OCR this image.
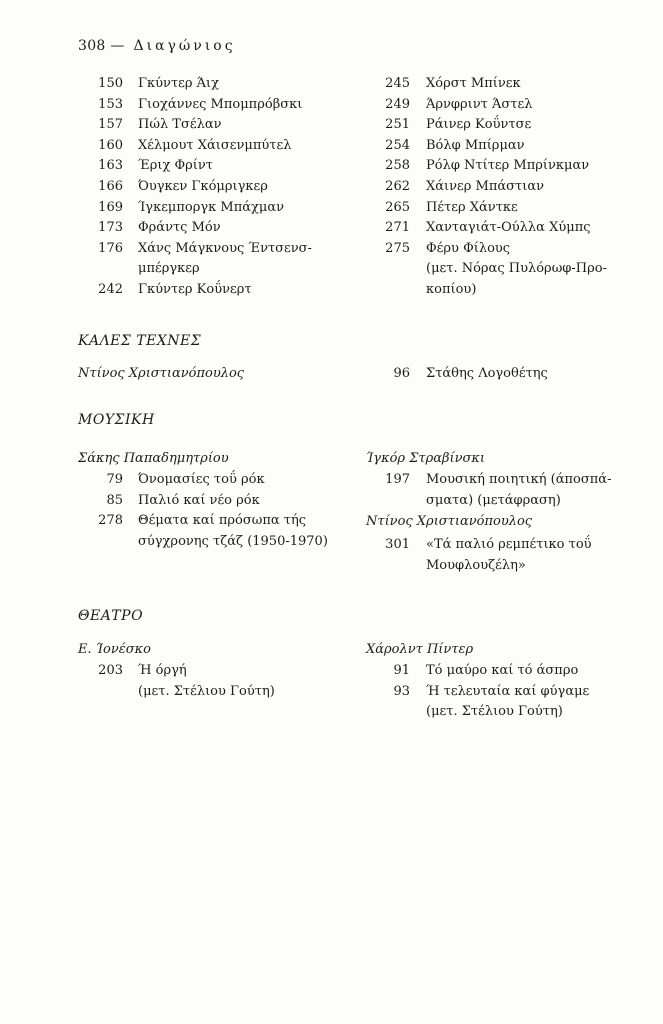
308 — Διαγώνιος
150 Γκύντερ Άιχ
153 Γιοχάννες Μπομπρόβσκι
157 Πώλ Τσέλαν
160 Χέλμουτ Χάισενμπύτελ
163 Έριχ Φρίντ
166 Όυγκεν Γκόμριγκερ
169 Ίγκεμποργκ Μπάχμαν
173 Φράντς Μόν
176 Χάνς Μάγκνους Έντσενσ-
μπέργκερ
242 Γκύντερ Κοΰνερτ
245 Χόρστ Μπίνεκ
249 Άρνφριντ Άστελ
251 Ράινερ Κοΰντσε
254 Βόλφ Μπίρμαν
258 Ρόλφ Ντίτερ Μπρίνκμαν
262 Χάινερ Μπάστιαν
265 Πέτερ Χάντκε
271 Χανταγιάτ-Ούλλα Χύμπς
275 Φέρυ Φίλους
(μετ. Νόρας Πυλόρωφ-Προ-
κοπίου)
ΚΑΛΕΣ ΤΕΧΝΕΣ
Ντίνος Χριστιανόπουλος	96 Στάθης Λογοθέτης
ΜΟΥΣΙΚΗ
Σάκης Παπαδημητρίου
79 Όνομασίες τοΰ ρόκ
85 Παλιό καί νέο ρόκ
278 Θέματα καί πρόσωπα τής
σύγχρονης τζάζ (1950-1970)
Ίγκόρ Στραβίνσκι
197 Μουσική ποιητική (άποσπά-
σματα) (μετάφραση)
Ντίνος Χριστιανόπουλος
301 «Τά παλιό ρεμπέτικο τοΰ
Μουφλουζέλη»
ΘΕΑΤΡΟ
Ε. Ίονέσκο
203 Ή όργή
(μετ. Στέλιου Γούτη)
Χάρολντ Πίντερ
91 Τό μαύρο καί τό άσπρο
93 Ή τελευταία καί φύγαμε
(μετ. Στέλιου Γούτη)
